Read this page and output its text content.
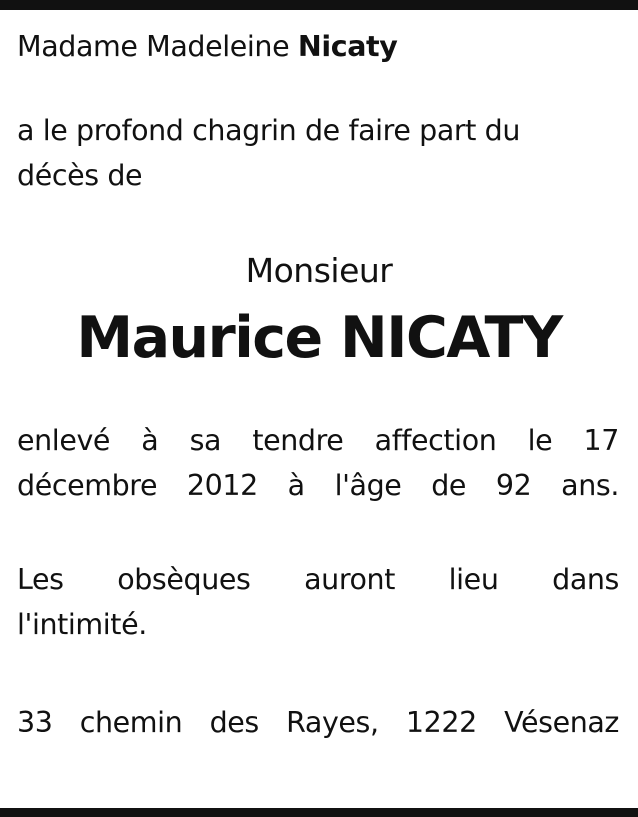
Madame Madeleine Nicaty

a le profond chagrin de faire part du
décès de

Monsieur
Maurice NICATY

enlevé à sa tendre affection le 17
décembre 2012 à l'âge de 92 ans.

Les obsèques auront lieu dans
l'intimité.

33 chemin des Rayes, 1222 Vésenaz
